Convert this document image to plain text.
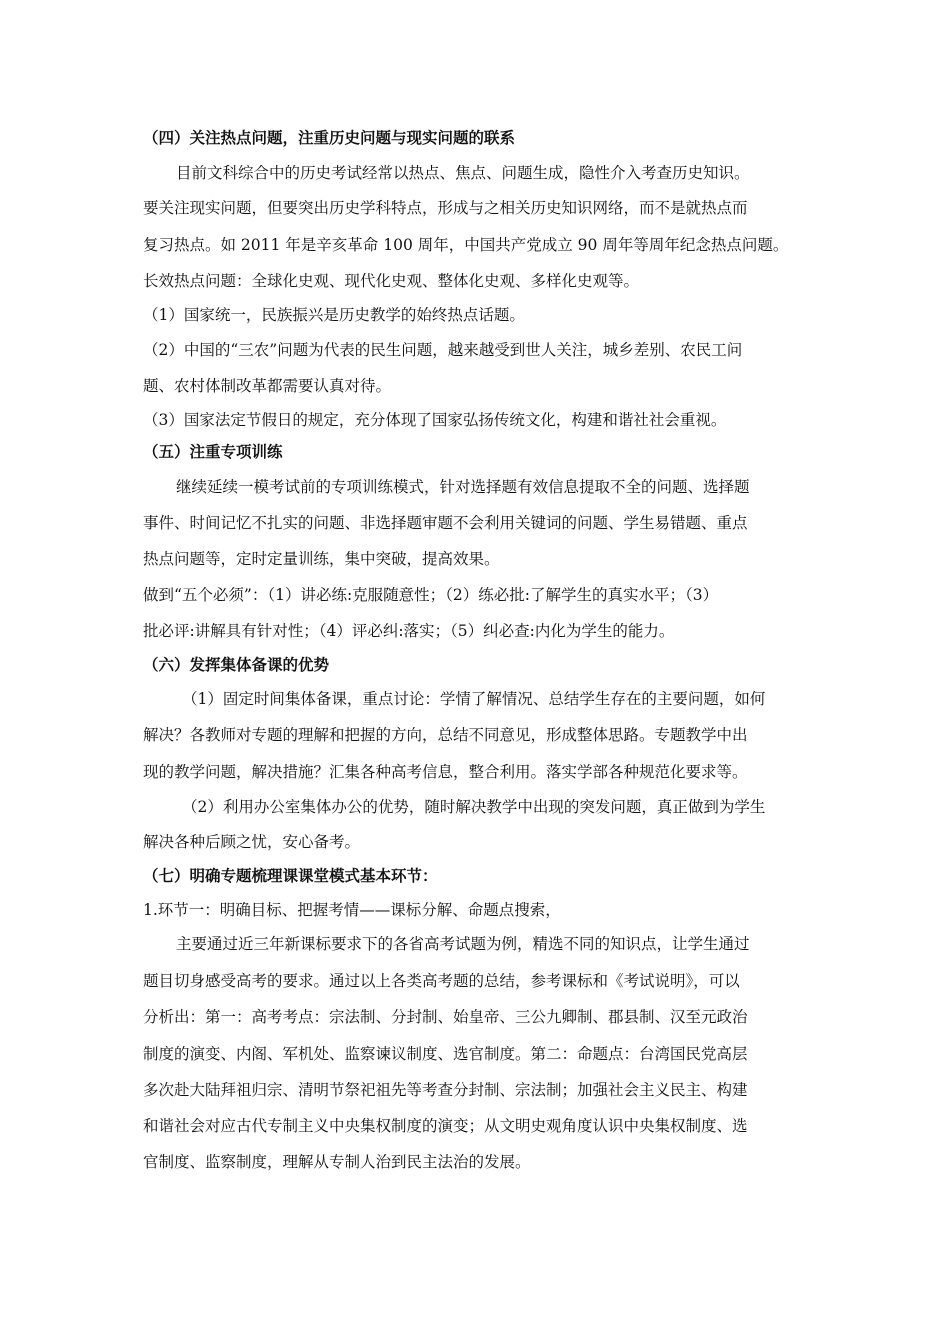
（四）关注热点问题，注重历史问题与现实问题的联系
目前文科综合中的历史考试经常以热点、焦点、问题生成，隐性介入考查历史知识。
要关注现实问题，但要突出历史学科特点，形成与之相关历史知识网络，而不是就热点而
复习热点。如 2011 年是辛亥革命 100 周年，中国共产党成立 90 周年等周年纪念热点问题。
长效热点问题：全球化史观、现代化史观、整体化史观、多样化史观等。
（1）国家统一，民族振兴是历史教学的始终热点话题。
（2）中国的“三农”问题为代表的民生问题，越来越受到世人关注，城乡差别、农民工问
题、农村体制改革都需要认真对待。
（3）国家法定节假日的规定，充分体现了国家弘扬传统文化，构建和谐社社会重视。
（五）注重专项训练
继续延续一模考试前的专项训练模式，针对选择题有效信息提取不全的问题、选择题
事件、时间记忆不扎实的问题、非选择题审题不会利用关键词的问题、学生易错题、重点
热点问题等，定时定量训练，集中突破，提高效果。
做到“五个必须”：（1）讲必练:克服随意性；（2）练必批:了解学生的真实水平；（3）
批必评:讲解具有针对性；（4）评必纠:落实；（5）纠必查:内化为学生的能力。
（六）发挥集体备课的优势
（1）固定时间集体备课，重点讨论：学情了解情况、总结学生存在的主要问题，如何
解决？各教师对专题的理解和把握的方向，总结不同意见，形成整体思路。专题教学中出
现的教学问题，解决措施？汇集各种高考信息，整合利用。落实学部各种规范化要求等。
（2）利用办公室集体办公的优势，随时解决教学中出现的突发问题，真正做到为学生
解决各种后顾之忧，安心备考。
（七）明确专题梳理课课堂模式基本环节：
1.环节一：明确目标、把握考情——课标分解、命题点搜索，
主要通过近三年新课标要求下的各省高考试题为例，精选不同的知识点，让学生通过
题目切身感受高考的要求。通过以上各类高考题的总结，参考课标和《考试说明》，可以
分析出：第一：高考考点：宗法制、分封制、始皇帝、三公九卿制、郡县制、汉至元政治
制度的演变、内阁、军机处、监察谏议制度、选官制度。第二：命题点：台湾国民党高层
多次赴大陆拜祖归宗、清明节祭祀祖先等考查分封制、宗法制；加强社会主义民主、构建
和谐社会对应古代专制主义中央集权制度的演变；从文明史观角度认识中央集权制度、选
官制度、监察制度，理解从专制人治到民主法治的发展。
